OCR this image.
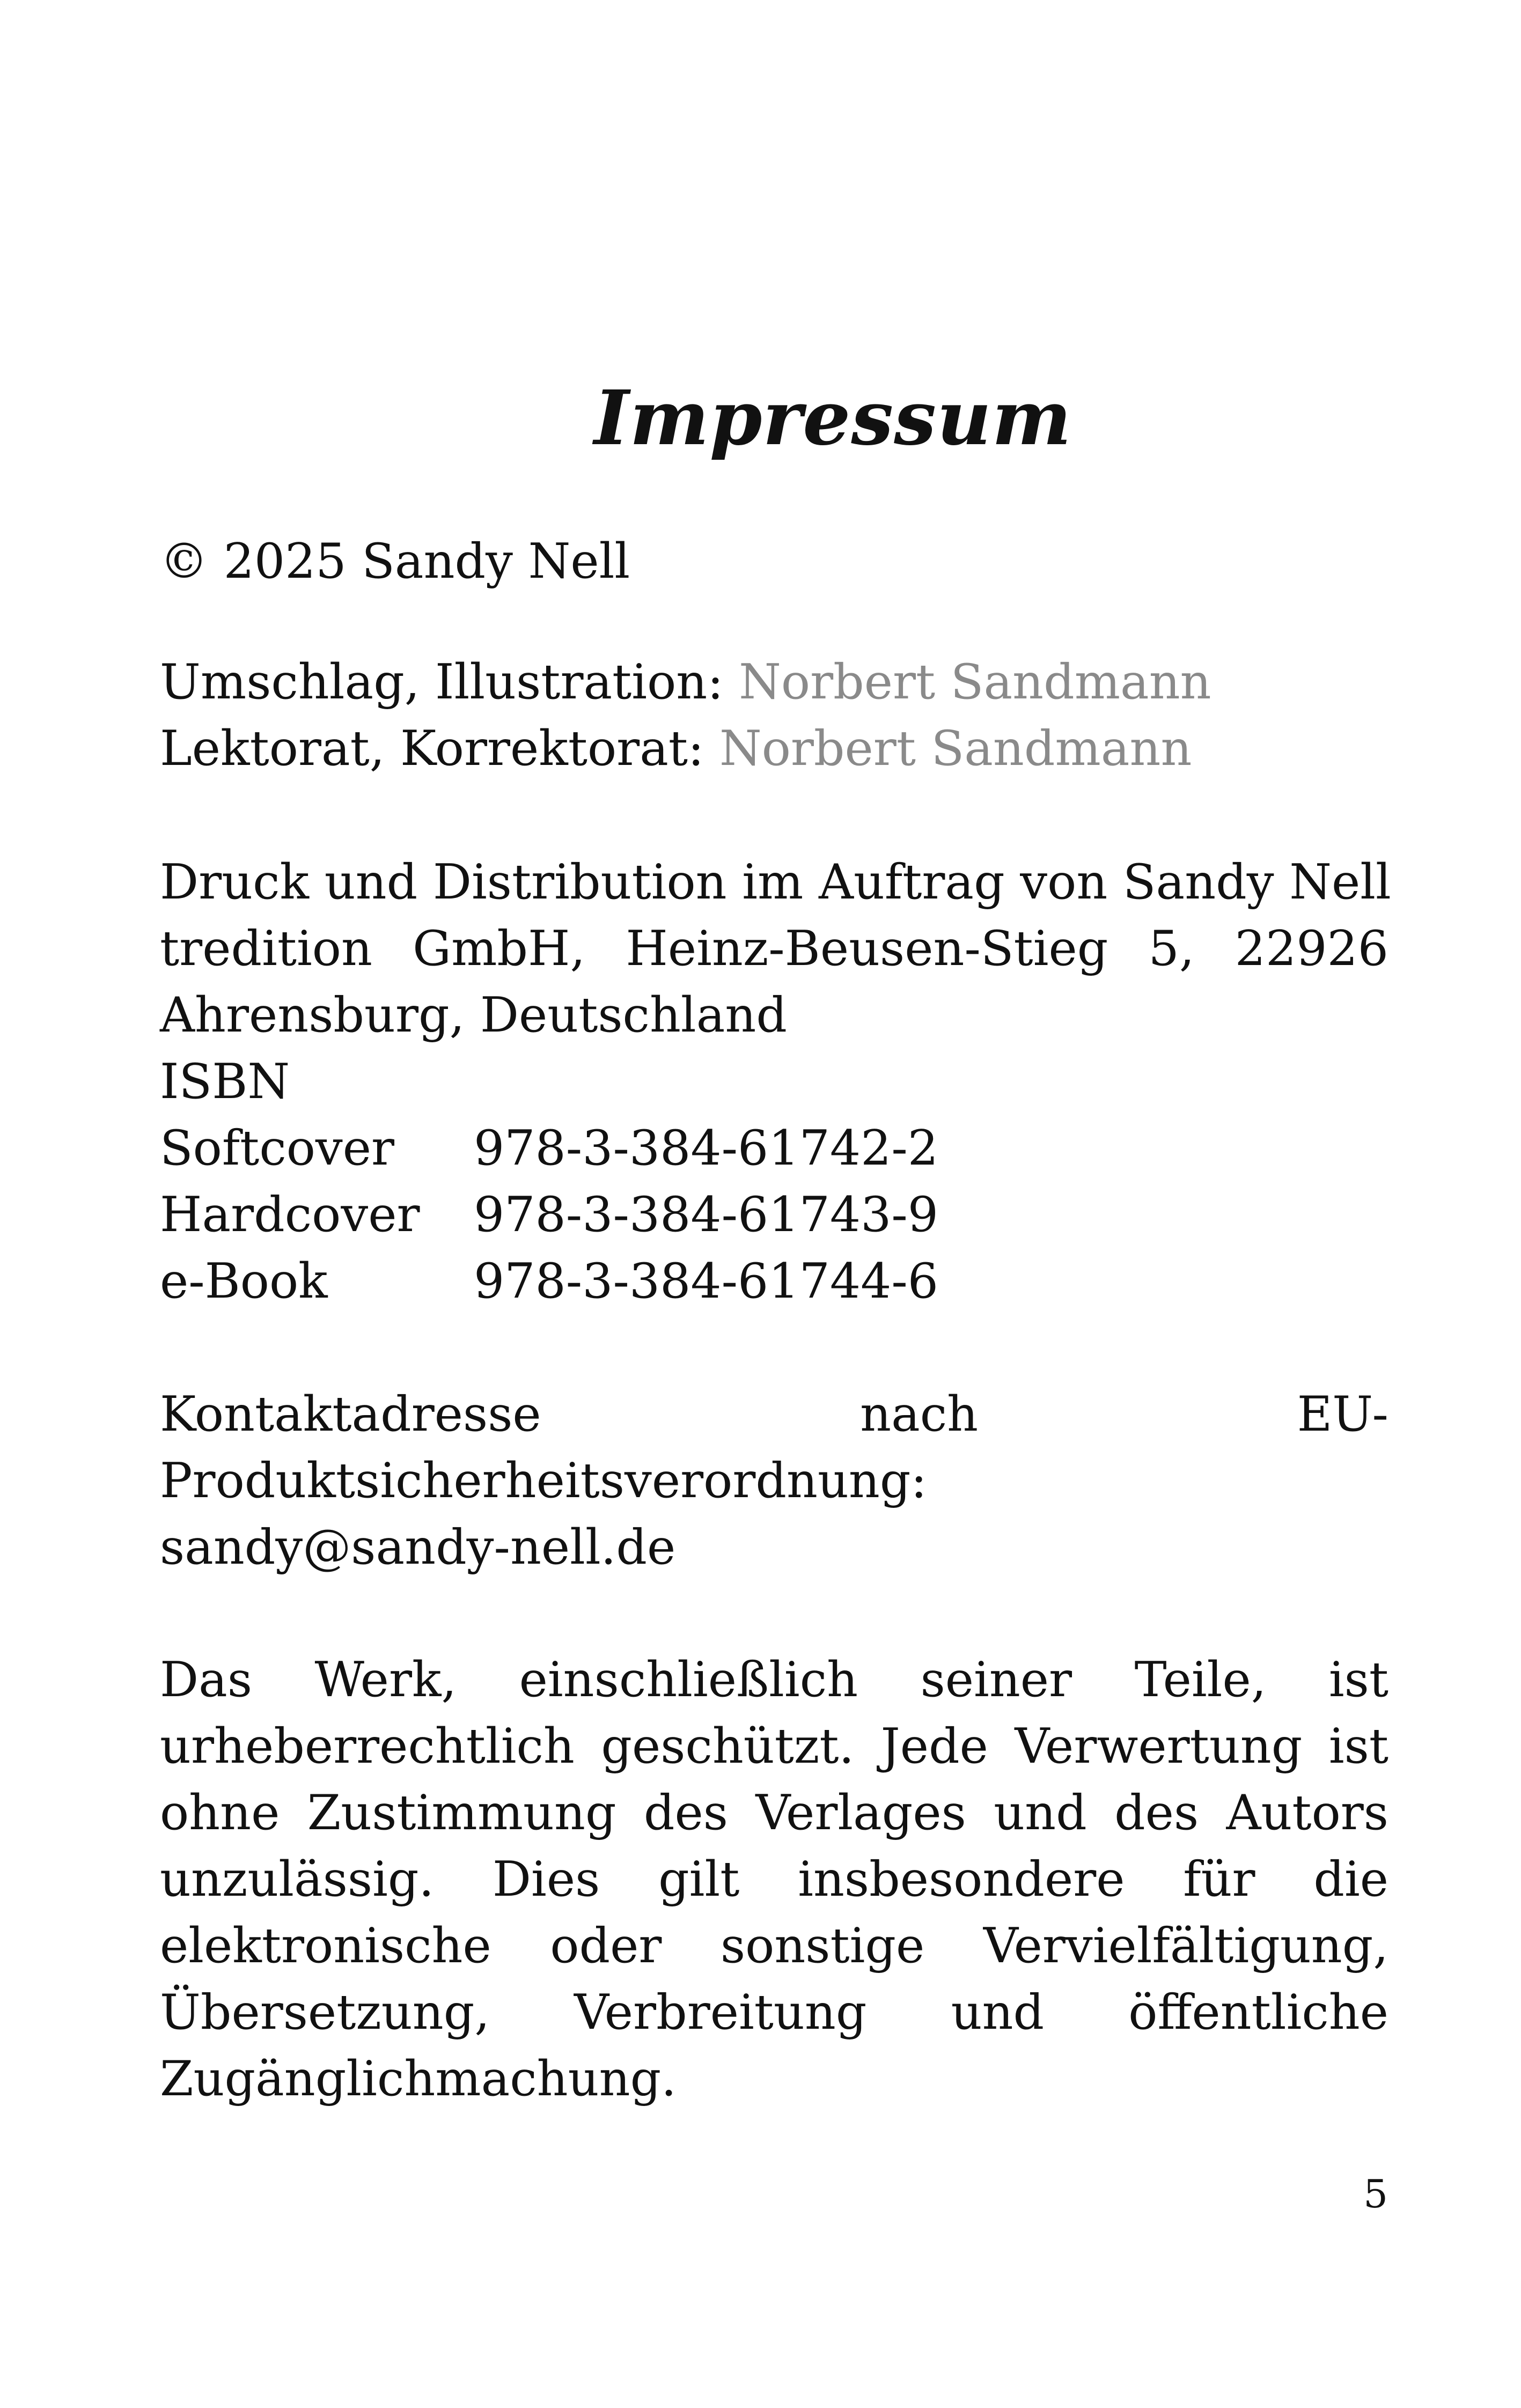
Impressum
© 2025 Sandy Nell
Umschlag, Illustration: Norbert Sandmann
Lektorat, Korrektorat: Norbert Sandmann
Druck und Distribution im Auftrag von Sandy Nell
tredition GmbH, Heinz-Beusen-Stieg 5, 22926 Ahrensburg, Deutschland
ISBN
Softcover	978-3-384-61742-2
Hardcover	978-3-384-61743-9
e-Book	978-3-384-61744-6
Kontaktadresse	nach	EU-
Produktsicherheitsverordnung:
sandy@sandy-nell.de
Das Werk, einschließlich seiner Teile, ist urheberrechtlich geschützt. Jede Verwertung ist ohne Zustimmung des Verlages und des Autors unzulässig. Dies gilt insbesondere für die elektronische oder sonstige Vervielfältigung, Übersetzung, Verbreitung und öffentliche Zugänglichmachung.
5
